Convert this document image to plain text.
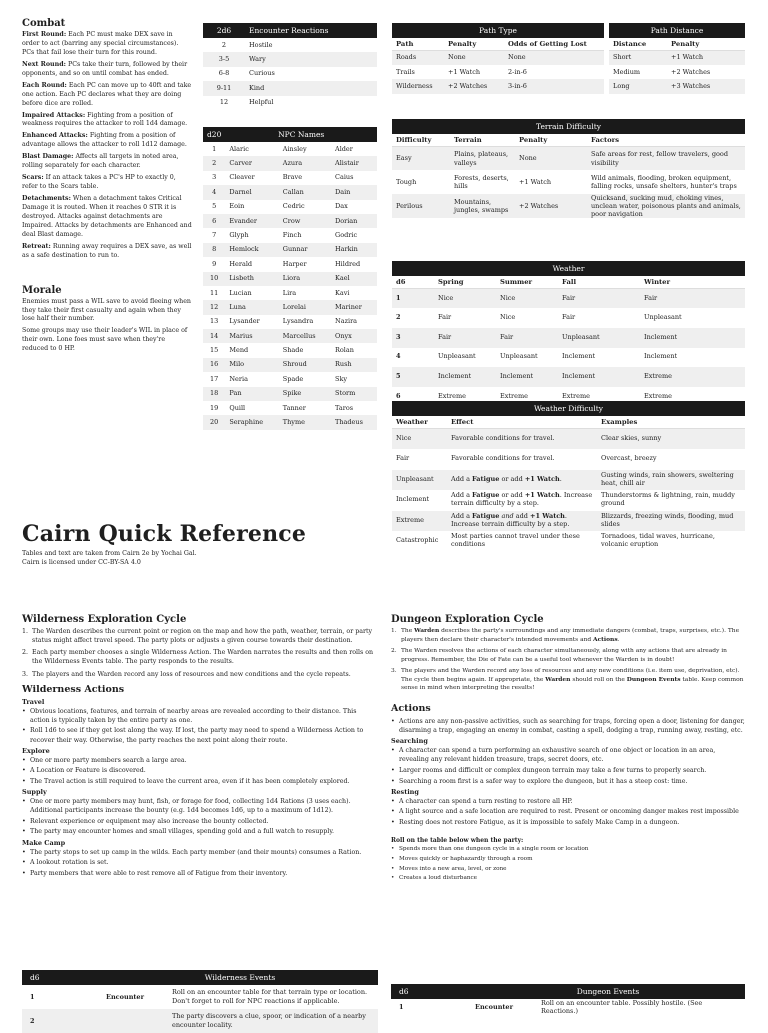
Combat
First Round: Each PC must make DEX save in order to act (barring any special circumstances). PCs that fail lose their turn for this round.
Next Round: PCs take their turn, followed by their opponents, and so on until combat has ended.
Each Round: Each PC can move up to 40ft and take one action. Each PC declares what they are doing before dice are rolled.
Impaired Attacks: Fighting from a position of weakness requires the attacker to roll 1d4 damage.
Enhanced Attacks: Fighting from a position of advantage allows the attacker to roll 1d12 damage.
Blast Damage: Affects all targets in noted area, rolling separately for each character.
Scars: If an attack takes a PC's HP to exactly 0, refer to the Scars table.
Detachments: When a detachment takes Critical Damage it is routed. When it reaches 0 STR it is destroyed. Attacks against detachments are Impaired. Attacks by detachments are Enhanced and deal Blast damage.
Retreat: Running away requires a DEX save, as well as a safe destination to run to.
Morale
Enemies must pass a WIL save to avoid fleeing when they take their first casualty and again when they lose half their number.
Some groups may use their leader's WIL in place of their own. Lone foes must save when they're reduced to 0 HP.
2d6	Encounter Reactions
2	Hostile
3-5	Wary
6-8	Curious
9-11	Kind
12	Helpful
d20	NPC Names		
1	Alaric	Ainsley	Alder
2	Carver	Azura	Alistair
3	Cleaver	Brave	Caius
4	Darnel	Callan	Dain
5	Eoin	Cedric	Dax
6	Evander	Crow	Dorian
7	Glyph	Finch	Godric
8	Hemlock	Gunnar	Harkin
9	Herald	Harper	Hildred
10	Lisbeth	Liora	Kael
11	Lucian	Lira	Kavi
12	Luna	Lorelai	Mariner
13	Lysander	Lysandra	Nazira
14	Marius	Marcellus	Onyx
15	Mend	Shade	Rolan
16	Milo	Shroud	Rush
17	Neria	Spade	Sky
18	Pan	Spike	Storm
19	Quill	Tanner	Taros
20	Seraphine	Thyme	Thadeus
Path Type		
Path	Penalty	Odds of Getting Lost
Roads	None	None
Trails	+1 Watch	2-in-6
Wilderness	+2 Watches	3-in-6
Path Distance	
Distance	Penalty
Short	+1 Watch
Medium	+2 Watches
Long	+3 Watches
Terrain Difficulty			
Difficulty	Terrain	Penalty	Factors
Easy	Plains, plateaus, valleys	None	Safe areas for rest, fellow travelers, good visibility
Tough	Forests, deserts, hills	+1 Watch	Wild animals, flooding, broken equipment, falling rocks, unsafe shelters, hunter's traps
Perilous	Mountains, jungles, swamps	+2 Watches	Quicksand, sucking mud, choking vines, unclean water, poisonous plants and animals, poor navigation
Weather				
d6	Spring	Summer	Fall	Winter
1	Nice	Nice	Fair	Fair
2	Fair	Nice	Fair	Unpleasant
3	Fair	Fair	Unpleasant	Inclement
4	Unpleasant	Unpleasant	Inclement	Inclement
5	Inclement	Inclement	Inclement	Extreme
6	Extreme	Extreme	Extreme	Extreme
Weather Difficulty		
Weather	Effect	Examples
Nice	Favorable conditions for travel.	Clear skies, sunny
Fair	Favorable conditions for travel.	Overcast, breezy
Unpleasant	Add a Fatigue or add +1 Watch.	Gusting winds, rain showers, sweltering heat, chill air
Inclement	Add a Fatigue or add +1 Watch. Increase terrain difficulty by a step.	Thunderstorms & lightning, rain, muddy ground
Extreme	Add a Fatigue and add +1 Watch. Increase terrain difficulty by a step.	Blizzards, freezing winds, flooding, mud slides
Catastrophic	Most parties cannot travel under these conditions	Tornadoes, tidal waves, hurricane, volcanic eruption
Cairn Quick Reference
Tables and text are taken from Cairn 2e by Yochai Gal.
Cairn is licensed under CC-BY-SA 4.0
Wilderness Exploration Cycle
1. The Warden describes the current point or region on the map and how the path, weather, terrain, or party status might affect travel speed. The party plots or adjusts a given course towards their destination.
2. Each party member chooses a single Wilderness Action. The Warden narrates the results and then rolls on the Wilderness Events table. The party responds to the results.
3. The players and the Warden record any loss of resources and new conditions and the cycle repeats.
Wilderness Actions
Travel
• Obvious locations, features, and terrain of nearby areas are revealed according to their distance. This action is typically taken by the entire party as one.
• Roll 1d6 to see if they get lost along the way. If lost, the party may need to spend a Wilderness Action to recover their way. Otherwise, the party reaches the next point along their route.
Explore
• One or more party members search a large area.
• A Location or Feature is discovered.
• The Travel action is still required to leave the current area, even if it has been completely explored.
Supply
• One or more party members may hunt, fish, or forage for food, collecting 1d4 Rations (3 uses each). Additional participants increase the bounty (e.g. 1d4 becomes 1d6, up to a maximum of 1d12).
• Relevant experience or equipment may also increase the bounty collected.
• The party may encounter homes and small villages, spending gold and a full watch to resupply.
Make Camp
• The party stops to set up camp in the wilds. Each party member (and their mounts) consumes a Ration.
• A lookout rotation is set.
• Party members that were able to rest remove all of Fatigue from their inventory.
d6	Wilderness Events	
1	Encounter	Roll on an encounter table for that terrain type or location. Don't forget to roll for NPC reactions if applicable.
2		The party discovers a clue, spoor, or indication of a nearby encounter locality.
Dungeon Exploration Cycle
1. The Warden describes the party's surroundings and any immediate dangers (combat, traps, surprises, etc.). The players then declare their character's intended movements and Actions.
2. The Warden resolves the actions of each character simultaneously, along with any actions that are already in progress. Remember, the Die of Fate can be a useful tool whenever the Warden is in doubt!
3. The players and the Warden record any loss of resources and any new conditions (i.e. item use, deprivation, etc). The cycle then begins again. If appropriate, the Warden should roll on the Dungeon Events table. Keep common sense in mind when interpreting the results!
Actions
• Actions are any non-passive activities, such as searching for traps, forcing open a door, listening for danger, disarming a trap, engaging an enemy in combat, casting a spell, dodging a trap, running away, resting, etc.
Searching
• A character can spend a turn performing an exhaustive search of one object or location in an area, revealing any relevant hidden treasure, traps, secret doors, etc.
• Larger rooms and difficult or complex dungeon terrain may take a few turns to properly search.
• Searching a room first is a safer way to explore the dungeon, but it has a steep cost: time.
Resting
• A character can spend a turn resting to restore all HP.
• A light source and a safe location are required to rest. Present or oncoming danger makes rest impossible
• Resting does not restore Fatigue, as it is impossible to safely Make Camp in a dungeon.
Roll on the table below when the party:
• Spends more than one dungeon cycle in a single room or location
• Moves quickly or haphazardly through a room
• Moves into a new area, level, or zone
• Creates a loud disturbance
d6	Dungeon Events	
1	Encounter	Roll on an encounter table. Possibly hostile. (See Reactions.)
